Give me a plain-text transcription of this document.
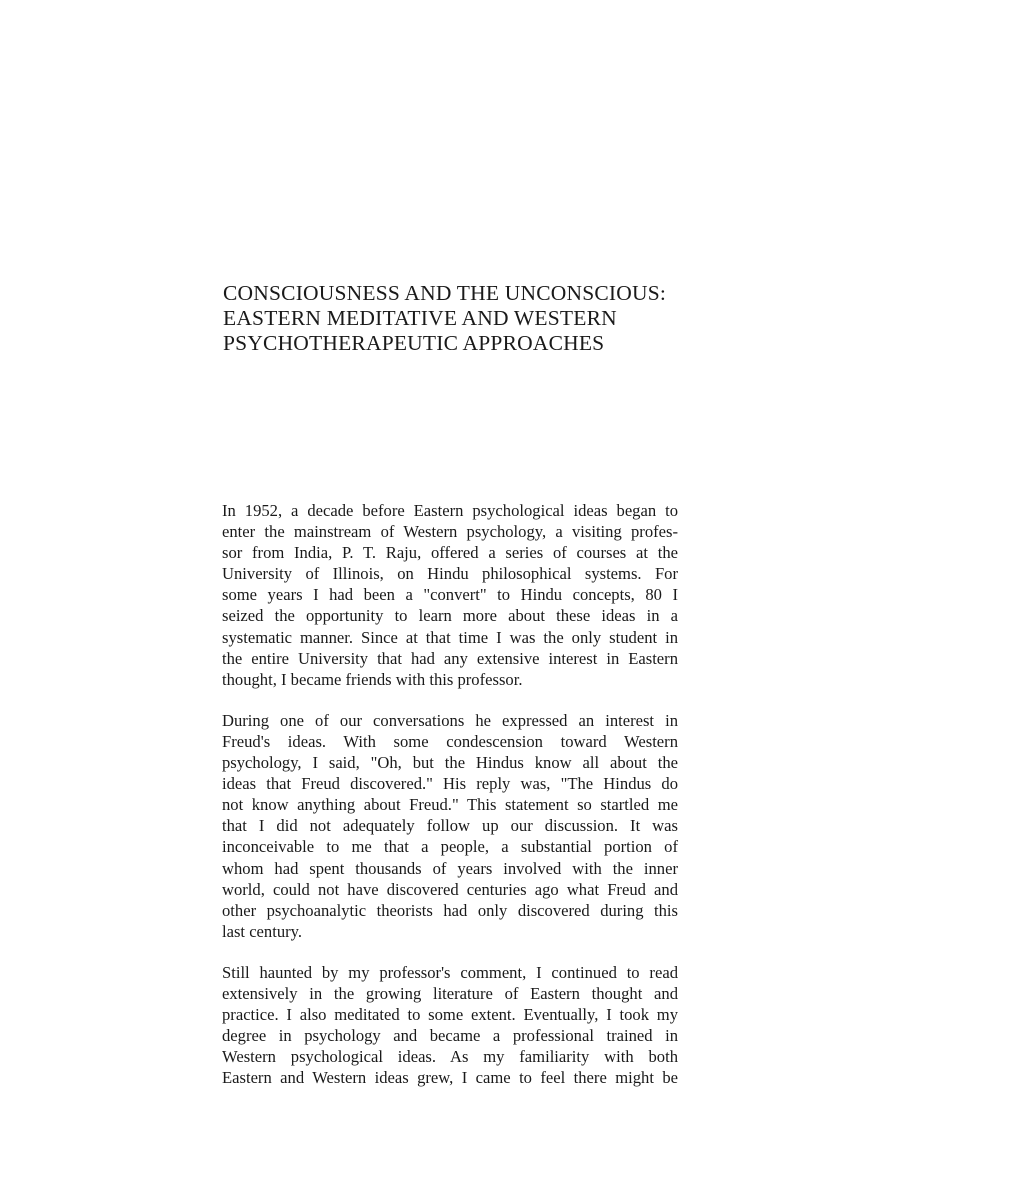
CONSCIOUSNESS AND THE UNCONSCIOUS:
EASTERN MEDITATIVE AND WESTERN
PSYCHOTHERAPEUTIC APPROACHES
In 1952, a decade before Eastern psychological ideas began to
enter the mainstream of Western psychology, a visiting profes-
sor from India, P. T. Raju, offered a series of courses at the
University of Illinois, on Hindu philosophical systems. For
some years I had been a "convert" to Hindu concepts, 80 I
seized the opportunity to learn more about these ideas in a
systematic manner. Since at that time I was the only student in
the entire University that had any extensive interest in Eastern
thought, I became friends with this professor.
During one of our conversations he expressed an interest in
Freud's ideas. With some condescension toward Western
psychology, I said, "Oh, but the Hindus know all about the
ideas that Freud discovered." His reply was, "The Hindus do
not know anything about Freud." This statement so startled me
that I did not adequately follow up our discussion. It was
inconceivable to me that a people, a substantial portion of
whom had spent thousands of years involved with the inner
world, could not have discovered centuries ago what Freud and
other psychoanalytic theorists had only discovered during this
last century.
Still haunted by my professor's comment, I continued to read
extensively in the growing literature of Eastern thought and
practice. I also meditated to some extent. Eventually, I took my
degree in psychology and became a professional trained in
Western psychological ideas. As my familiarity with both
Eastern and Western ideas grew, I came to feel there might be
